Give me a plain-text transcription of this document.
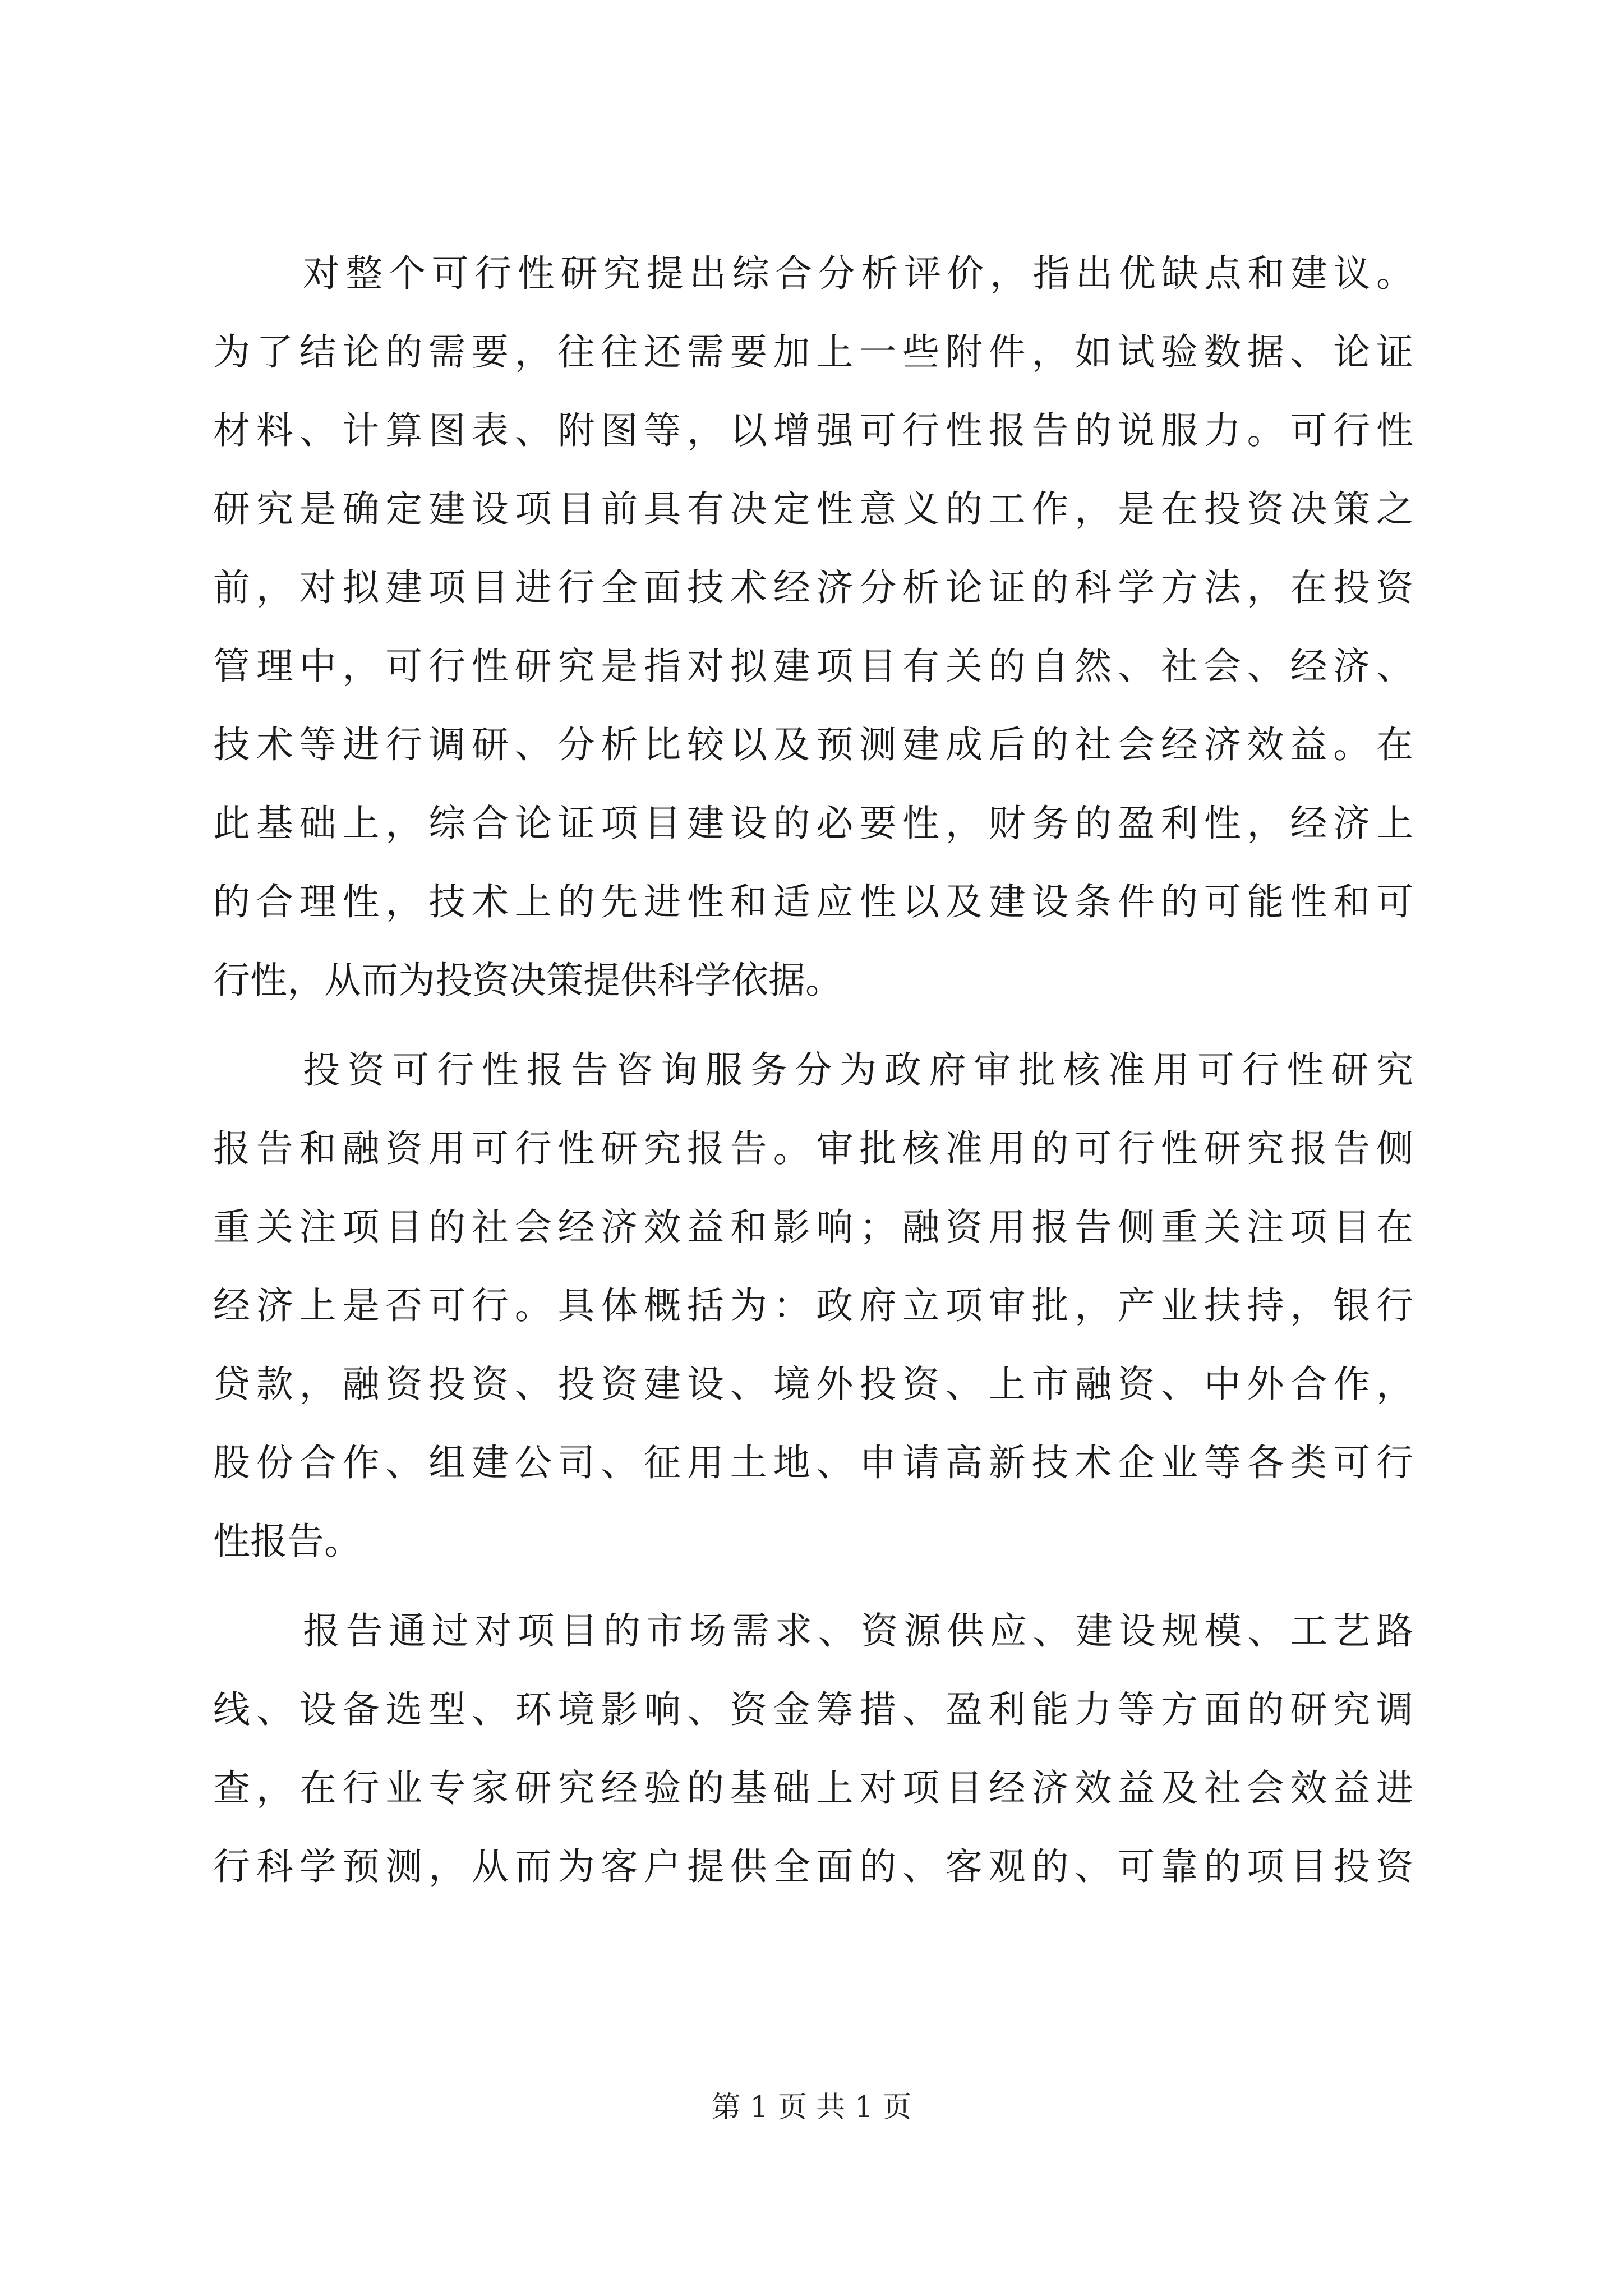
对整个可行性研究提出综合分析评价，指出优缺点和建议。
为了结论的需要，往往还需要加上一些附件，如试验数据、论证
材料、计算图表、附图等，以增强可行性报告的说服力。可行性
研究是确定建设项目前具有决定性意义的工作，是在投资决策之
前，对拟建项目进行全面技术经济分析论证的科学方法，在投资
管理中，可行性研究是指对拟建项目有关的自然、社会、经济、
技术等进行调研、分析比较以及预测建成后的社会经济效益。在
此基础上，综合论证项目建设的必要性，财务的盈利性，经济上
的合理性，技术上的先进性和适应性以及建设条件的可能性和可
行性，从而为投资决策提供科学依据。
投资可行性报告咨询服务分为政府审批核准用可行性研究
报告和融资用可行性研究报告。审批核准用的可行性研究报告侧
重关注项目的社会经济效益和影响；融资用报告侧重关注项目在
经济上是否可行。具体概括为：政府立项审批，产业扶持，银行
贷款，融资投资、投资建设、境外投资、上市融资、中外合作，
股份合作、组建公司、征用土地、申请高新技术企业等各类可行
性报告。
报告通过对项目的市场需求、资源供应、建设规模、工艺路
线、设备选型、环境影响、资金筹措、盈利能力等方面的研究调
查，在行业专家研究经验的基础上对项目经济效益及社会效益进
行科学预测，从而为客户提供全面的、客观的、可靠的项目投资
第 1 页 共 1 页
